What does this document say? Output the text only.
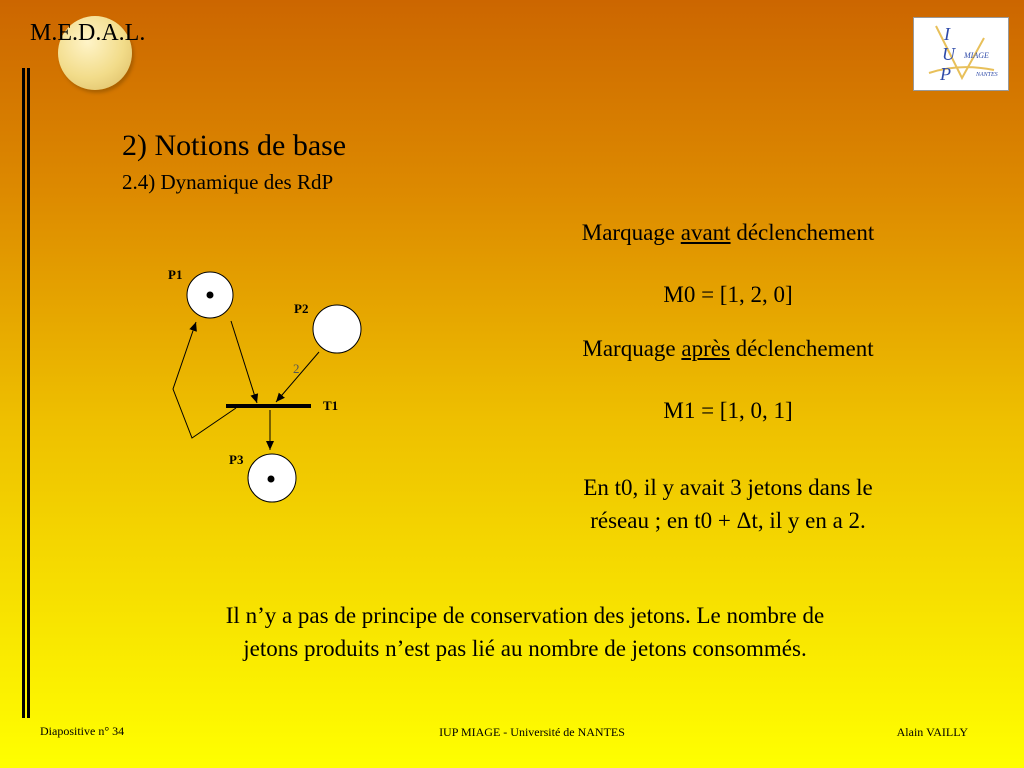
M.E.D.A.L.	I
U
P
MIAGE
NANTES
2) Notions de base
2.4) Dynamique des RdP
P1
P2
P3
T1
2
Marquage avant déclenchement
M0 = [1, 2, 0]
Marquage après déclenchement
M1 = [1, 0, 1]
En t0, il y avait 3 jetons dans le
réseau ; en t0 + Δt, il y en a 2.
Il n’y a pas de principe de conservation des jetons. Le nombre de
jetons produits n’est pas lié au nombre de jetons consommés.
Diapositive n° 34	IUP MIAGE - Université de NANTES	Alain VAILLY
